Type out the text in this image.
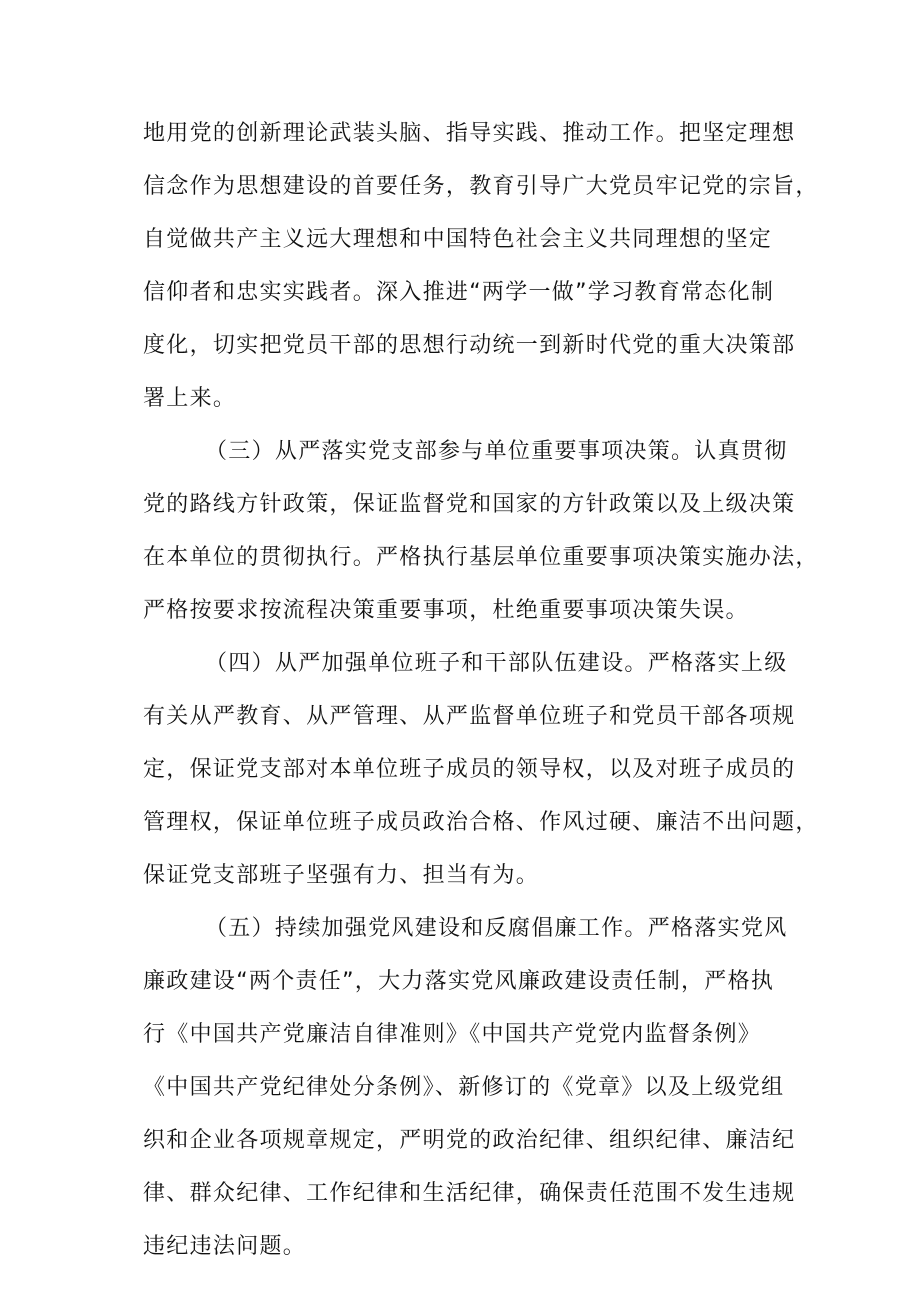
地用党的创新理论武装头脑、指导实践、推动工作。把坚定理想
信念作为思想建设的首要任务，教育引导广大党员牢记党的宗旨，
自觉做共产主义远大理想和中国特色社会主义共同理想的坚定
信仰者和忠实实践者。深入推进“两学一做”学习教育常态化制
度化，切实把党员干部的思想行动统一到新时代党的重大决策部
署上来。
（三）从严落实党支部参与单位重要事项决策。认真贯彻
党的路线方针政策，保证监督党和国家的方针政策以及上级决策
在本单位的贯彻执行。严格执行基层单位重要事项决策实施办法，
严格按要求按流程决策重要事项，杜绝重要事项决策失误。
（四）从严加强单位班子和干部队伍建设。严格落实上级
有关从严教育、从严管理、从严监督单位班子和党员干部各项规
定，保证党支部对本单位班子成员的领导权，以及对班子成员的
管理权，保证单位班子成员政治合格、作风过硬、廉洁不出问题，
保证党支部班子坚强有力、担当有为。
（五）持续加强党风建设和反腐倡廉工作。严格落实党风
廉政建设“两个责任”，大力落实党风廉政建设责任制，严格执
行《中国共产党廉洁自律准则》《中国共产党党内监督条例》
《中国共产党纪律处分条例》、新修订的《党章》以及上级党组
织和企业各项规章规定，严明党的政治纪律、组织纪律、廉洁纪
律、群众纪律、工作纪律和生活纪律，确保责任范围不发生违规
违纪违法问题。
